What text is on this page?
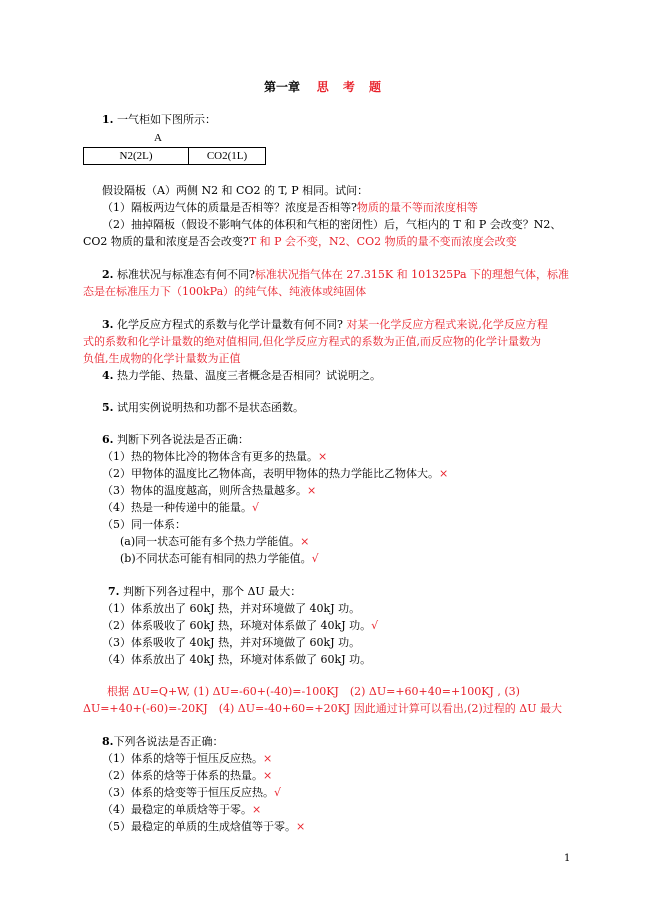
第一章 思 考 题
1. 一气柜如下图所示：
A
N2(2L)	CO2(1L)
假设隔板（A）两侧 N2 和 CO2 的 T, P 相同。试问：
（1）隔板两边气体的质量是否相等？浓度是否相等?物质的量不等而浓度相等
（2）抽掉隔板（假设不影响气体的体积和气柜的密闭性）后，气柜内的 T 和 P 会改变？N2、
CO2 物质的量和浓度是否会改变?T 和 P 会不变，N2、CO2 物质的量不变而浓度会改变
2. 标准状况与标准态有何不同?标准状况指气体在 27.315K 和 101325Pa 下的理想气体，标准
态是在标准压力下（100kPa）的纯气体、纯液体或纯固体
3. 化学反应方程式的系数与化学计量数有何不同? 对某一化学反应方程式来说,化学反应方程
式的系数和化学计量数的绝对值相同,但化学反应方程式的系数为正值,而反应物的化学计量数为
负值,生成物的化学计量数为正值
4. 热力学能、热量、温度三者概念是否相同？试说明之。
5. 试用实例说明热和功都不是状态函数。
6. 判断下列各说法是否正确：
（1）热的物体比冷的物体含有更多的热量。×
（2）甲物体的温度比乙物体高，表明甲物体的热力学能比乙物体大。×
（3）物体的温度越高，则所含热量越多。×
（4）热是一种传递中的能量。√
（5）同一体系：
(a)同一状态可能有多个热力学能值。×
(b)不同状态可能有相同的热力学能值。√
7. 判断下列各过程中，那个 ΔU 最大：
（1）体系放出了 60kJ 热，并对环境做了 40kJ 功。
（2）体系吸收了 60kJ 热，环境对体系做了 40kJ 功。√
（3）体系吸收了 40kJ 热，并对环境做了 60kJ 功。
（4）体系放出了 40kJ 热，环境对体系做了 60kJ 功。
根据 ΔU=Q+W, (1) ΔU=-60+(-40)=-100KJ　(2) ΔU=+60+40=+100KJ , (3)
ΔU=+40+(-60)=-20KJ　(4) ΔU=-40+60=+20KJ 因此通过计算可以看出,(2)过程的 ΔU 最大
8.下列各说法是否正确：
（1）体系的焓等于恒压反应热。×
（2）体系的焓等于体系的热量。×
（3）体系的焓变等于恒压反应热。√
（4）最稳定的单质焓等于零。×
（5）最稳定的单质的生成焓值等于零。×
1
